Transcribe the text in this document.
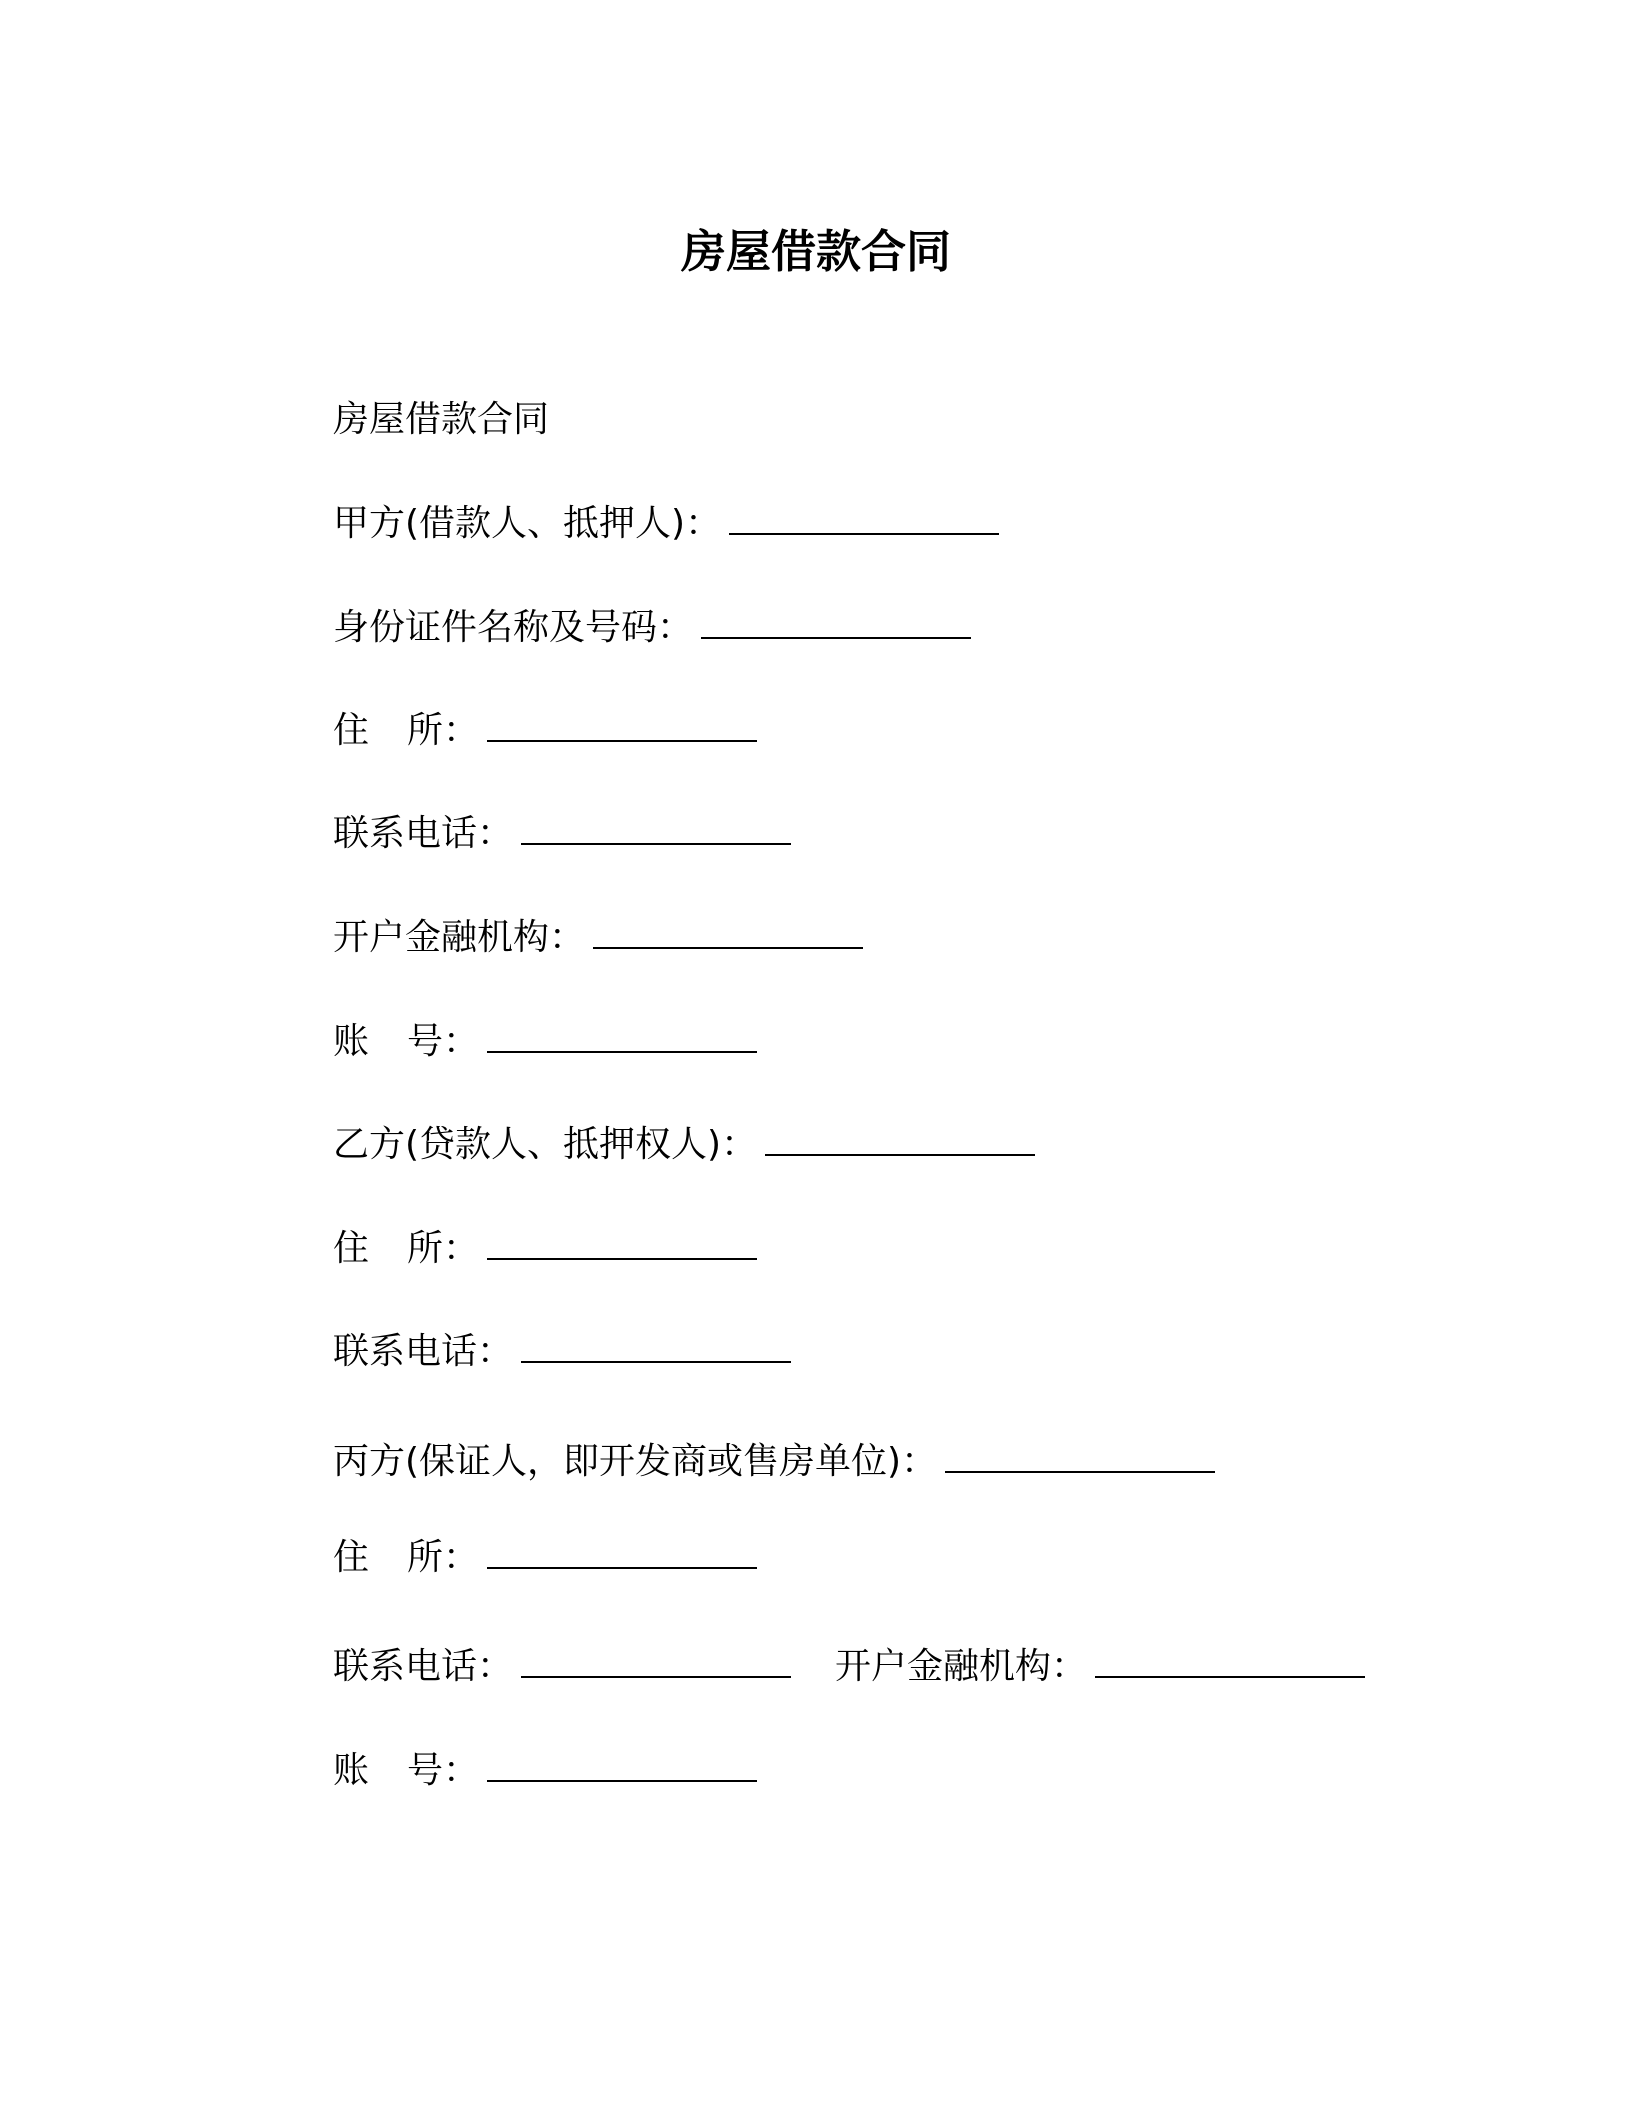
房屋借款合同
房屋借款合同
甲方(借款人、抵押人)：
身份证件名称及号码：
住 所：
联系电话：
开户金融机构：
账 号：
乙方(贷款人、抵押权人)：
住 所：
联系电话：
丙方(保证人，即开发商或售房单位)：
住 所：
联系电话：	开户金融机构：
账 号：
